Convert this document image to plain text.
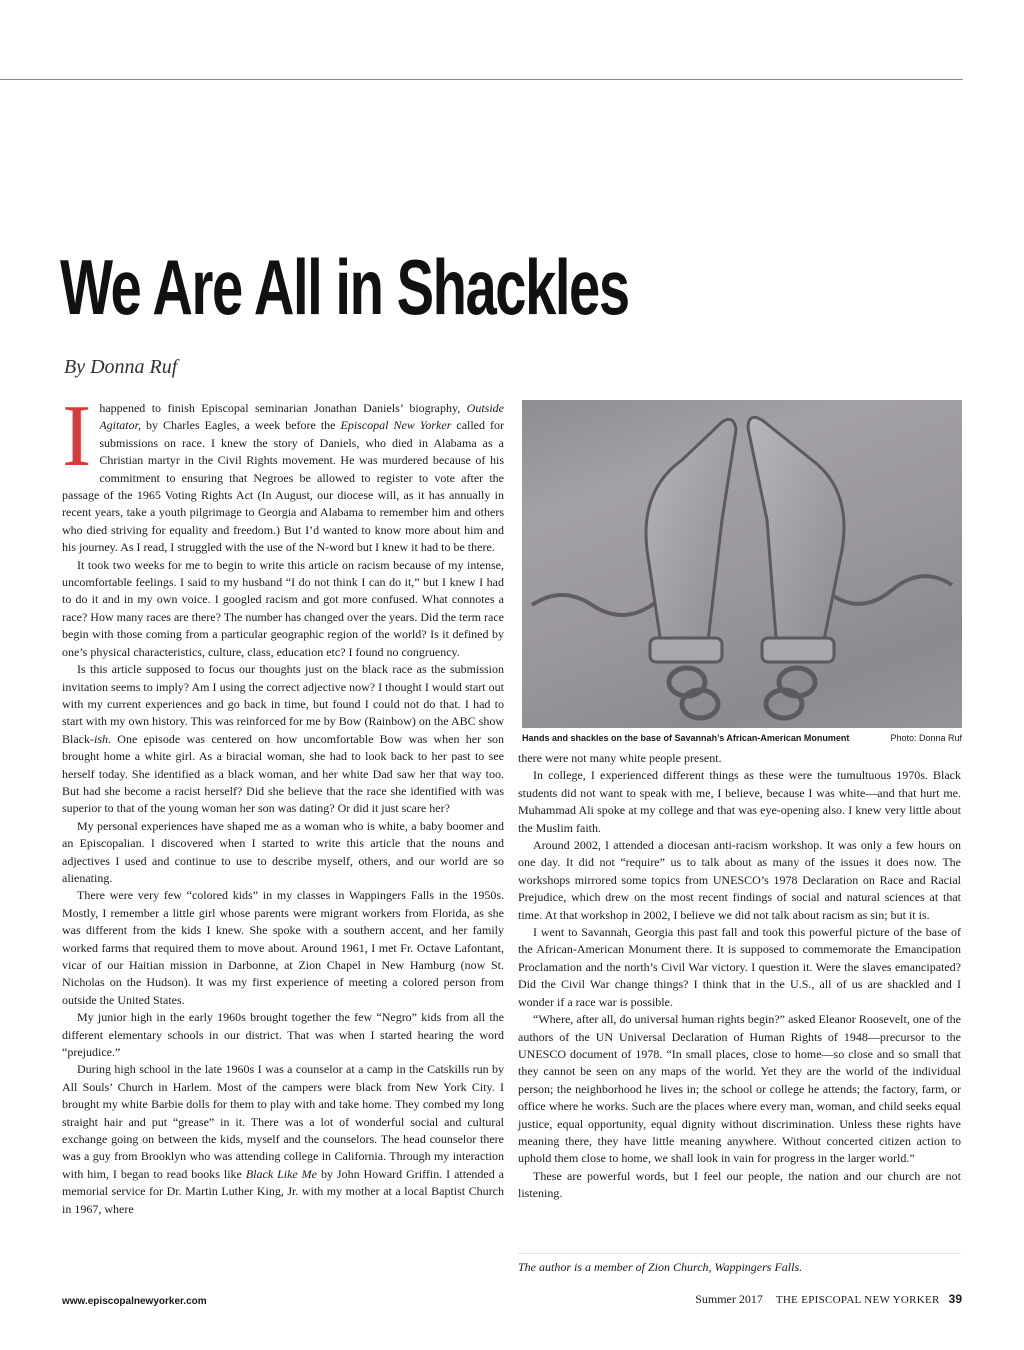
We Are All in Shackles
By Donna Ruf
I happened to finish Episcopal seminarian Jonathan Daniels’ biography, Outside Agitator, by Charles Eagles, a week before the Episcopal New Yorker called for submissions on race. I knew the story of Daniels, who died in Alabama as a Christian martyr in the Civil Rights movement. He was murdered because of his commitment to ensuring that Negroes be allowed to register to vote after the passage of the 1965 Voting Rights Act (In August, our diocese will, as it has annually in recent years, take a youth pilgrimage to Georgia and Alabama to remember him and others who died striving for equality and freedom.) But I’d wanted to know more about him and his journey. As I read, I struggled with the use of the N-word but I knew it had to be there.

It took two weeks for me to begin to write this article on racism because of my intense, uncomfortable feelings. I said to my husband “I do not think I can do it,” but I knew I had to do it and in my own voice. I googled racism and got more confused. What connotes a race? How many races are there? The number has changed over the years. Did the term race begin with those coming from a particular geographic region of the world? Is it defined by one’s physical characteristics, culture, class, education etc? I found no congruency.

Is this article supposed to focus our thoughts just on the black race as the submission invitation seems to imply? Am I using the correct adjective now? I thought I would start out with my current experiences and go back in time, but found I could not do that. I had to start with my own history. This was reinforced for me by Bow (Rainbow) on the ABC show Black-ish. One episode was centered on how uncomfortable Bow was when her son brought home a white girl. As a biracial woman, she had to look back to her past to see herself today. She identified as a black woman, and her white Dad saw her that way too. But had she become a racist herself? Did she believe that the race she identified with was superior to that of the young woman her son was dating? Or did it just scare her?

My personal experiences have shaped me as a woman who is white, a baby boomer and an Episcopalian. I discovered when I started to write this article that the nouns and adjectives I used and continue to use to describe myself, others, and our world are so alienating.

There were very few “colored kids” in my classes in Wappingers Falls in the 1950s. Mostly, I remember a little girl whose parents were migrant workers from Florida, as she was different from the kids I knew. She spoke with a southern accent, and her family worked farms that required them to move about. Around 1961, I met Fr. Octave Lafontant, vicar of our Haitian mission in Darbonne, at Zion Chapel in New Hamburg (now St. Nicholas on the Hudson). It was my first experience of meeting a colored person from outside the United States.

My junior high in the early 1960s brought together the few “Negro” kids from all the different elementary schools in our district. That was when I started hearing the word “prejudice.”

During high school in the late 1960s I was a counselor at a camp in the Catskills run by All Souls’ Church in Harlem. Most of the campers were black from New York City. I brought my white Barbie dolls for them to play with and take home. They combed my long straight hair and put “grease” in it. There was a lot of wonderful social and cultural exchange going on between the kids, myself and the counselors. The head counselor there was a guy from Brooklyn who was attending college in California. Through my interaction with him, I began to read books like Black Like Me by John Howard Griffin. I attended a memorial service for Dr. Martin Luther King, Jr. with my mother at a local Baptist Church in 1967, where

Hands and shackles on the base of Savannah’s African-American Monument	Photo: Donna Ruf

there were not many white people present.

In college, I experienced different things as these were the tumultuous 1970s. Black students did not want to speak with me, I believe, because I was white—and that hurt me. Muhammad Ali spoke at my college and that was eye-opening also. I knew very little about the Muslim faith.

Around 2002, I attended a diocesan anti-racism workshop. It was only a few hours on one day. It did not “require” us to talk about as many of the issues it does now. The workshops mirrored some topics from UNESCO’s 1978 Declaration on Race and Racial Prejudice, which drew on the most recent findings of social and natural sciences at that time. At that workshop in 2002, I believe we did not talk about racism as sin; but it is.

I went to Savannah, Georgia this past fall and took this powerful picture of the base of the African-American Monument there. It is supposed to commemorate the Emancipation Proclamation and the north’s Civil War victory. I question it. Were the slaves emancipated? Did the Civil War change things? I think that in the U.S., all of us are shackled and I wonder if a race war is possible.

“Where, after all, do universal human rights begin?” asked Eleanor Roosevelt, one of the authors of the UN Universal Declaration of Human Rights of 1948—precursor to the UNESCO document of 1978. “In small places, close to home—so close and so small that they cannot be seen on any maps of the world. Yet they are the world of the individual person; the neighborhood he lives in; the school or college he attends; the factory, farm, or office where he works. Such are the places where every man, woman, and child seeks equal justice, equal opportunity, equal dignity without discrimination. Unless these rights have meaning there, they have little meaning anywhere. Without concerted citizen action to uphold them close to home, we shall look in vain for progress in the larger world.”

These are powerful words, but I feel our people, the nation and our church are not listening.

The author is a member of Zion Church, Wappingers Falls.
www.episcopalnewyorker.com	Summer 2017 THE EPISCOPAL NEW YORKER 39
